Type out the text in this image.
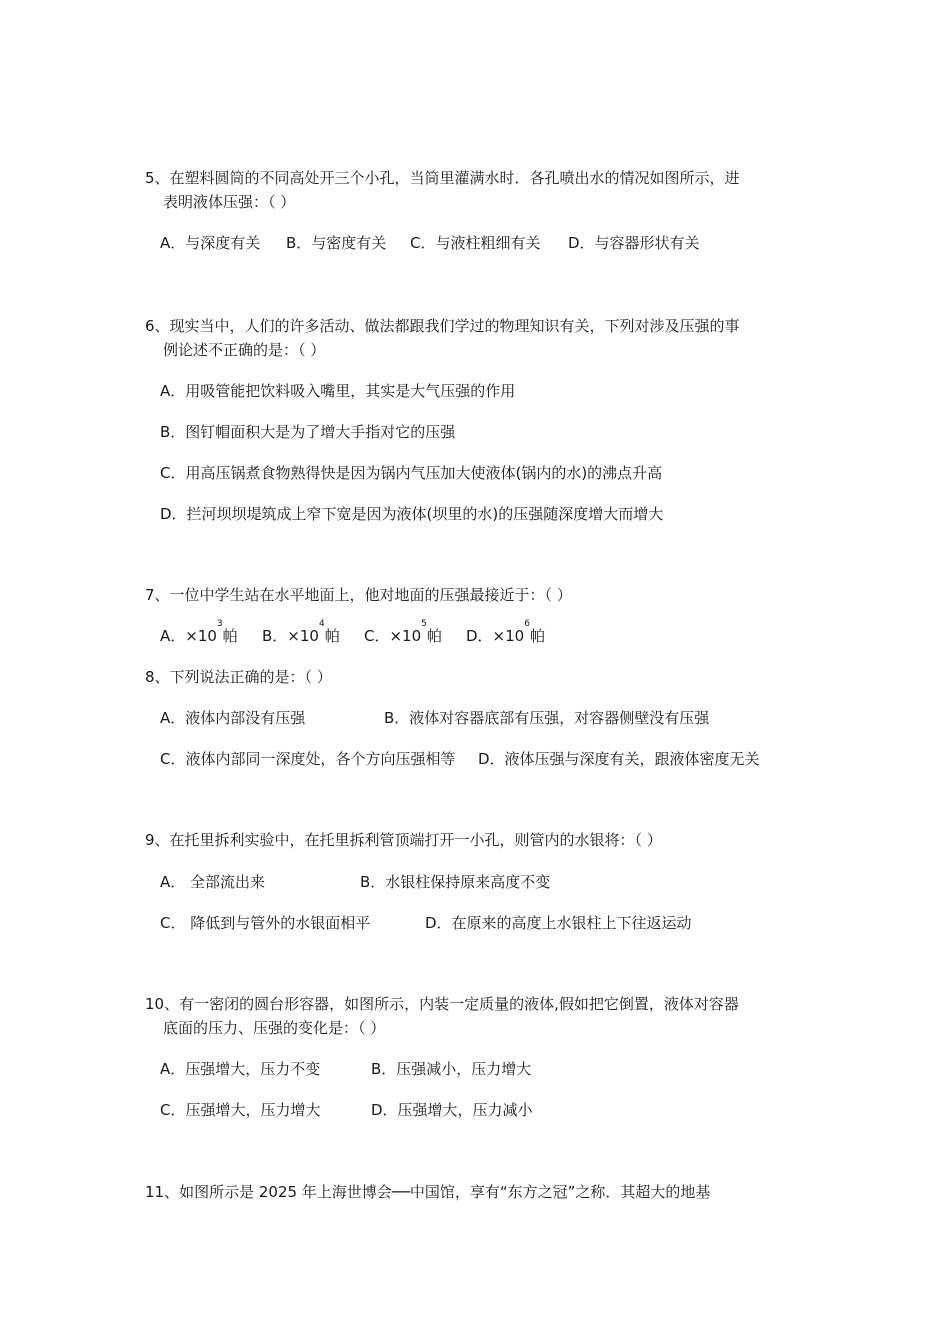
5、在塑料圆筒的不同高处开三个小孔，当筒里灌满水时．各孔喷出水的情况如图所示，进
表明液体压强：（ ）
A．与深度有关 B．与密度有关 C．与液柱粗细有关 D．与容器形状有关
6、现实当中，人们的许多活动、做法都跟我们学过的物理知识有关，下列对涉及压强的事
例论述不正确的是：（ ）
A．用吸管能把饮料吸入嘴里，其实是大气压强的作用
B．图钉帽面积大是为了增大手指对它的压强
C．用高压锅煮食物熟得快是因为锅内气压加大使液体(锅内的水)的沸点升高
D．拦河坝坝堤筑成上窄下宽是因为液体(坝里的水)的压强随深度增大而增大
7、一位中学生站在水平地面上，他对地面的压强最接近于：（ ）
A．$\times 10^3$帕 B．$\times 10^4$帕 C．$\times 10^5$帕 D．$\times 10^6$帕
8、下列说法正确的是：（ ）
A．液体内部没有压强	B．液体对容器底部有压强，对容器侧壁没有压强
C．液体内部同一深度处，各个方向压强相等 D．液体压强与深度有关，跟液体密度无关
9、在托里拆利实验中，在托里拆利管顶端打开一小孔，则管内的水银将：（ ）
A． 全部流出来	B．水银柱保持原来高度不变
C． 降低到与管外的水银面相平	D．在原来的高度上水银柱上下往返运动
10、有一密闭的圆台形容器，如图所示，内装一定质量的液体,假如把它倒置，液体对容器
底面的压力、压强的变化是：（ ）
A．压强增大，压力不变	B．压强减小，压力增大
C．压强增大，压力增大	D．压强增大，压力减小
11、如图所示是 2025 年上海世博会──中国馆，享有“东方之冠”之称．其超大的地基
